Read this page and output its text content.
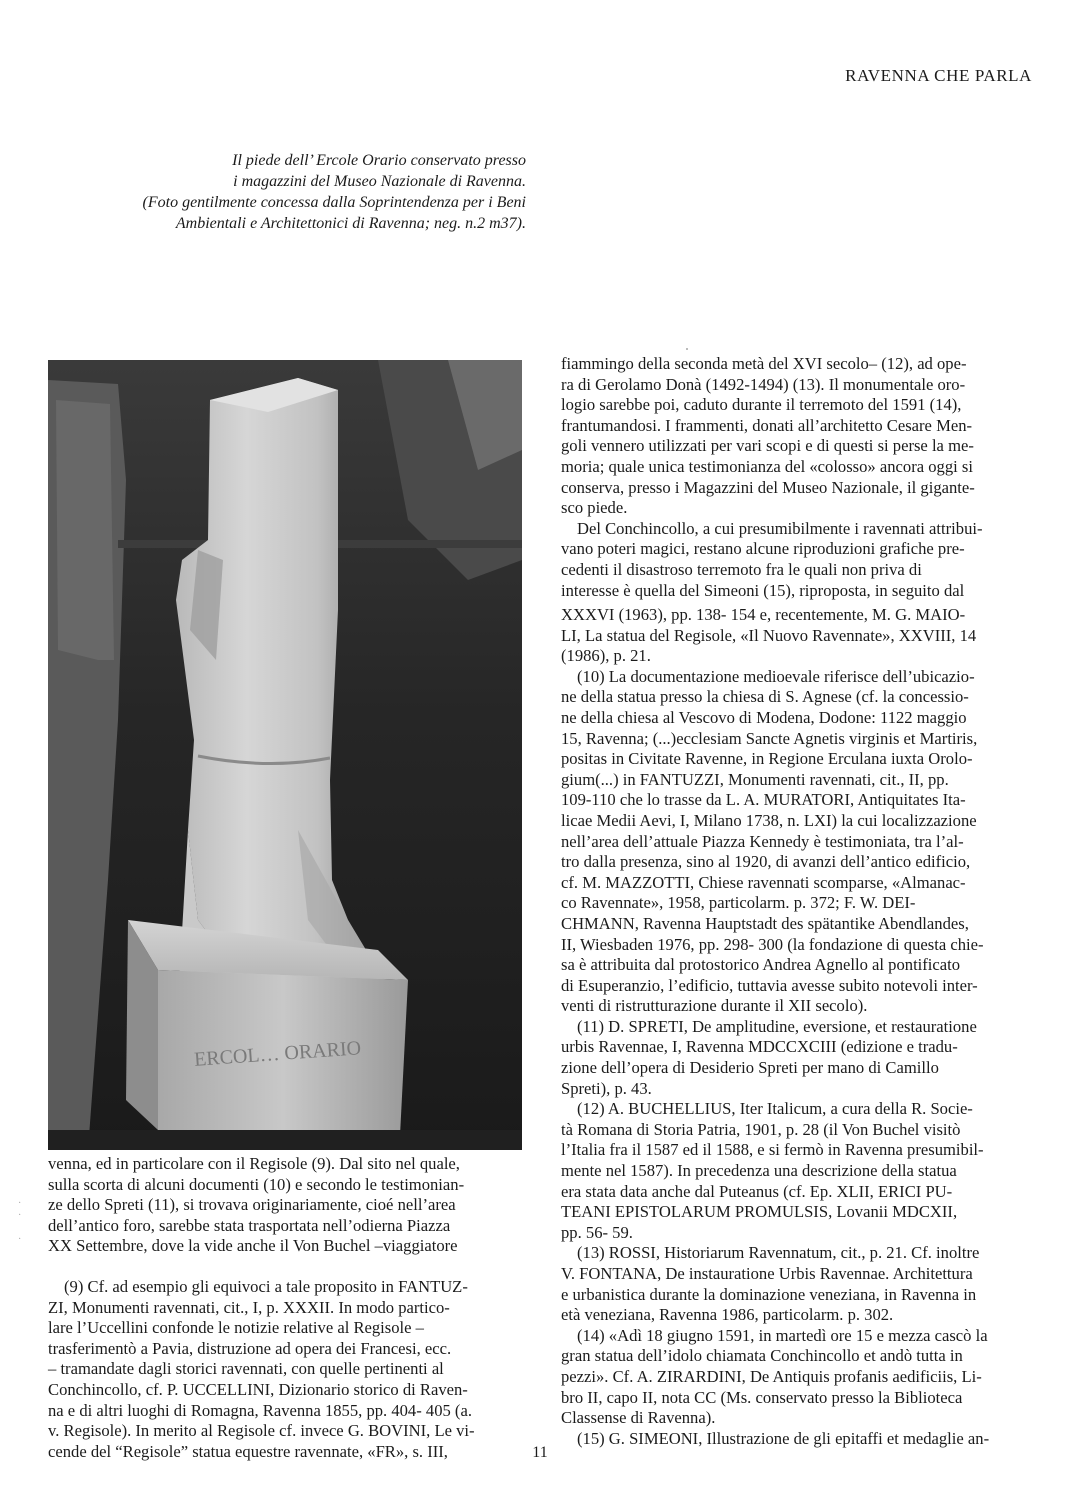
RAVENNA CHE PARLA
Il piede dell’ Ercole Orario conservato presso
i magazzini del Museo Nazionale di Ravenna.
(Foto gentilmente concessa dalla Soprintendenza per i Beni
Ambientali e Architettonici di Ravenna; neg. n.2 m37).
ERCOL… ORARIO
fiammingo della seconda metà del XVI secolo– (12), ad ope-
ra di Gerolamo Donà (1492-1494) (13). Il monumentale oro-
logio sarebbe poi, caduto durante il terremoto del 1591 (14),
frantumandosi. I frammenti, donati all’architetto Cesare Men-
goli vennero utilizzati per vari scopi e di questi si perse la me-
moria; quale unica testimonianza del «colosso» ancora oggi si
conserva, presso i Magazzini del Museo Nazionale, il gigante-
sco piede.
Del Conchincollo, a cui presumibilmente i ravennati attribui-
vano poteri magici, restano alcune riproduzioni grafiche pre-
cedenti il disastroso terremoto fra le quali non priva di
interesse è quella del Simeoni (15), riproposta, in seguito dal
XXXVI (1963), pp. 138- 154 e, recentemente, M. G. MAIO-
LI, La statua del Regisole, «Il Nuovo Ravennate», XXVIII, 14
(1986), p. 21.
(10) La documentazione medioevale riferisce dell’ubicazio-
ne della statua presso la chiesa di S. Agnese (cf. la concessio-
ne della chiesa al Vescovo di Modena, Dodone: 1122 maggio
15, Ravenna; (...)ecclesiam Sancte Agnetis virginis et Martiris,
positas in Civitate Ravenne, in Regione Erculana iuxta Orolo-
gium(...) in FANTUZZI, Monumenti ravennati, cit., II, pp.
109-110 che lo trasse da L. A. MURATORI, Antiquitates Ita-
licae Medii Aevi, I, Milano 1738, n. LXI) la cui localizzazione
nell’area dell’attuale Piazza Kennedy è testimoniata, tra l’al-
tro dalla presenza, sino al 1920, di avanzi dell’antico edificio,
cf. M. MAZZOTTI, Chiese ravennati scomparse, «Almanac-
co Ravennate», 1958, particolarm. p. 372; F. W. DEI-
CHMANN, Ravenna Hauptstadt des spätantike Abendlandes,
II, Wiesbaden 1976, pp. 298- 300 (la fondazione di questa chie-
sa è attribuita dal protostorico Andrea Agnello al pontificato
di Esuperanzio, l’edificio, tuttavia avesse subito notevoli inter-
venti di ristrutturazione durante il XII secolo).
(11) D. SPRETI, De amplitudine, eversione, et restauratione
urbis Ravennae, I, Ravenna MDCCXCIII (edizione e tradu-
zione dell’opera di Desiderio Spreti per mano di Camillo
Spreti), p. 43.
(12) A. BUCHELLIUS, Iter Italicum, a cura della R. Socie-
tà Romana di Storia Patria, 1901, p. 28 (il Von Buchel visitò
l’Italia fra il 1587 ed il 1588, e si fermò in Ravenna presumibil-
mente nel 1587). In precedenza una descrizione della statua
era stata data anche dal Puteanus (cf. Ep. XLII, ERICI PU-
TEANI EPISTOLARUM PROMULSIS, Lovanii MDCXII,
pp. 56- 59.
(13) ROSSI, Historiarum Ravennatum, cit., p. 21. Cf. inoltre
V. FONTANA, De instauratione Urbis Ravennae. Architettura
e urbanistica durante la dominazione veneziana, in Ravenna in
età veneziana, Ravenna 1986, particolarm. p. 302.
(14) «Adì 18 giugno 1591, in martedì ore 15 e mezza cascò la
gran statua dell’idolo chiamata Conchincollo et andò tutta in
pezzi». Cf. A. ZIRARDINI, De Antiquis profanis aedificiis, Li-
bro II, capo II, nota CC (Ms. conservato presso la Biblioteca
Classense di Ravenna).
(15) G. SIMEONI, Illustrazione de gli epitaffi et medaglie an-
venna, ed in particolare con il Regisole (9). Dal sito nel quale,
sulla scorta di alcuni documenti (10) e secondo le testimonian-
ze dello Spreti (11), si trovava originariamente, cioé nell’area
dell’antico foro, sarebbe stata trasportata nell’odierna Piazza
XX Settembre, dove la vide anche il Von Buchel –viaggiatore
·
·

·
(9) Cf. ad esempio gli equivoci a tale proposito in FANTUZ-
ZI, Monumenti ravennati, cit., I, p. XXXII. In modo partico-
lare l’Uccellini confonde le notizie relative al Regisole –
trasferimentò a Pavia, distruzione ad opera dei Francesi, ecc.
– tramandate dagli storici ravennati, con quelle pertinenti al
Conchincollo, cf. P. UCCELLINI, Dizionario storico di Raven-
na e di altri luoghi di Romagna, Ravenna 1855, pp. 404- 405 (a.
v. Regisole). In merito al Regisole cf. invece G. BOVINI, Le vi-
cende del “Regisole” statua equestre ravennate, «FR», s. III,	11
